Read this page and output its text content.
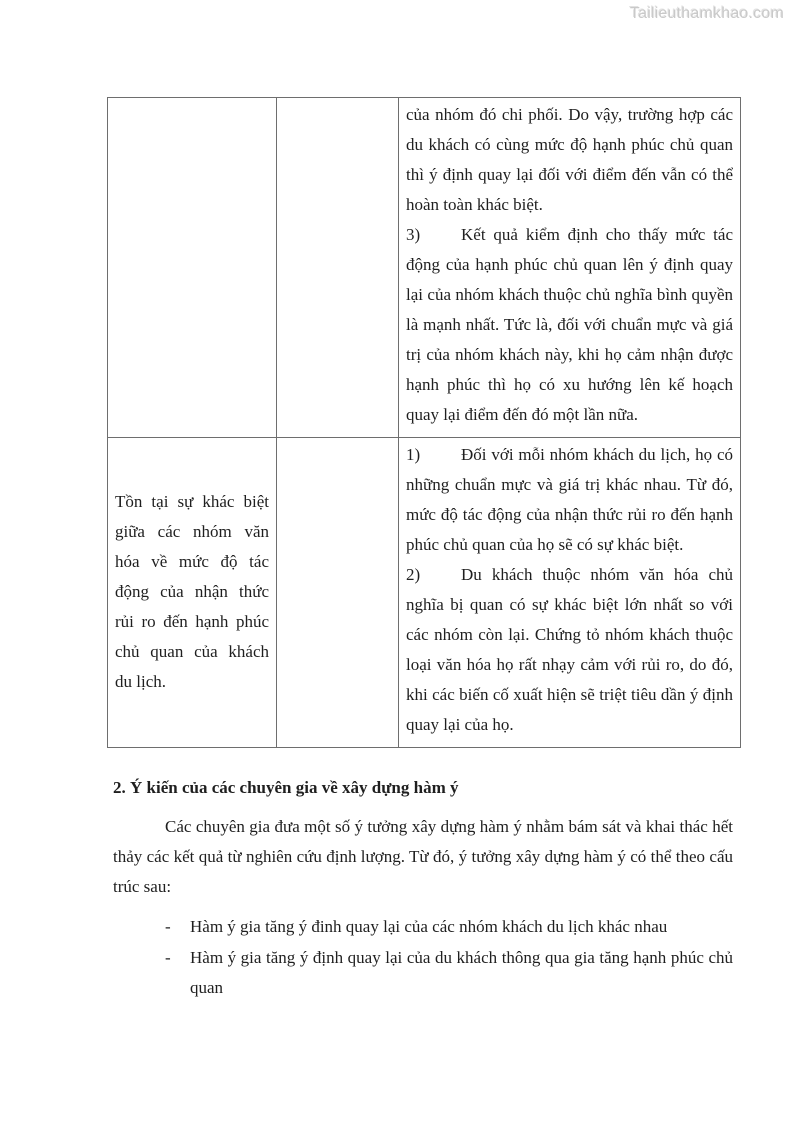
Tailieuthamkhao.com

		của nhóm đó chi phối. Do vậy, trường hợp các du khách có cùng mức độ hạnh phúc chủ quan thì ý định quay lại đối với điểm đến vẫn có thể hoàn toàn khác biệt.

3) Kết quả kiểm định cho thấy mức tác động của hạnh phúc chủ quan lên ý định quay lại của nhóm khách thuộc chủ nghĩa bình quyền là mạnh nhất. Tức là, đối với chuẩn mực và giá trị của nhóm khách này, khi họ cảm nhận được hạnh phúc thì họ có xu hướng lên kế hoạch quay lại điểm đến đó một lần nữa.

Tồn tại sự khác biệt giữa các nhóm văn hóa về mức độ tác động của nhận thức rủi ro đến hạnh phúc chủ quan của khách du lịch.		1) Đối với mỗi nhóm khách du lịch, họ có những chuẩn mực và giá trị khác nhau. Từ đó, mức độ tác động của nhận thức rủi ro đến hạnh phúc chủ quan của họ sẽ có sự khác biệt.

2) Du khách thuộc nhóm văn hóa chủ nghĩa bị quan có sự khác biệt lớn nhất so với các nhóm còn lại. Chứng tỏ nhóm khách thuộc loại văn hóa họ rất nhạy cảm với rủi ro, do đó, khi các biến cố xuất hiện sẽ triệt tiêu dần ý định quay lại của họ.

2. Ý kiến của các chuyên gia về xây dựng hàm ý
Các chuyên gia đưa một số ý tưởng xây dựng hàm ý nhằm bám sát và khai thác hết thảy các kết quả từ nghiên cứu định lượng. Từ đó, ý tưởng xây dựng hàm ý có thể theo cấu trúc sau:
- Hàm ý gia tăng ý đinh quay lại của các nhóm khách du lịch khác nhau
- Hàm ý gia tăng ý định quay lại của du khách thông qua gia tăng hạnh phúc chủ quan
